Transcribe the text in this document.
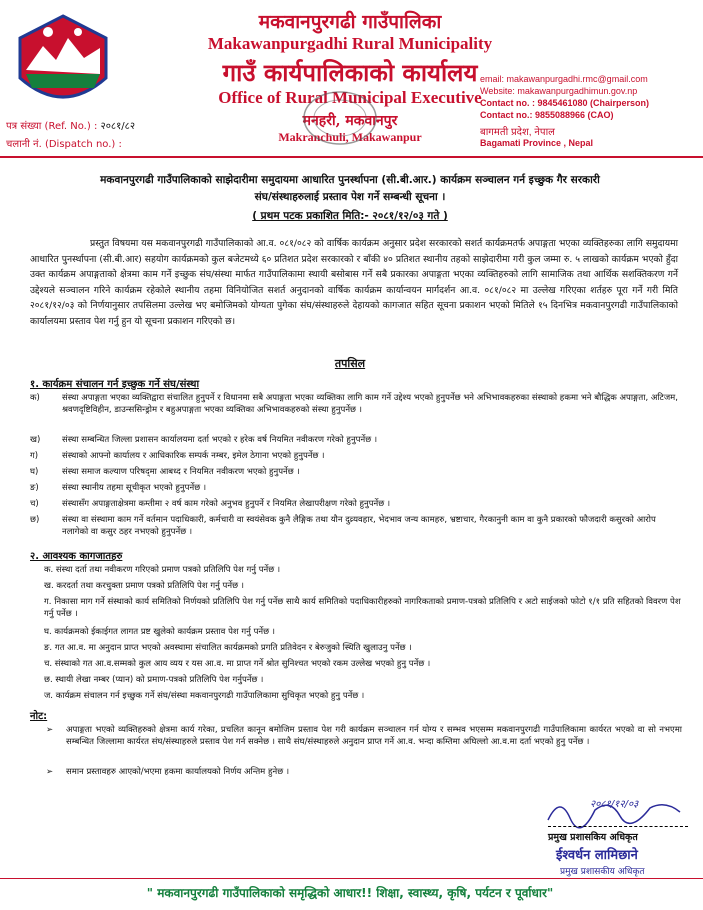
मकवानपुरगढी गाउँपालिका
Makawanpurgadhi Rural Municipality
गाउँ कार्यपालिकाको कार्यालय
Office of Rural Municipal Executive
मनहरी, मकवानपुर
Makranchuli, Makawanpur
email: makawanpurgadhi.rmc@gmail.com
Website: makawanpurgadhimun.gov.np
Contact no. : 9845461080 (Chairperson)
Contact no.: 9855088966 (CAO)
बागमती प्रदेश, नेपाल
Bagamati Province , Nepal
पत्र संख्या (Ref. No.) : २०८१/८२
चलानी नं. (Dispatch no.) :
मकवानपुरगढी गाउँपालिकाको साझेदारीमा समुदायमा आधारित पुनर्स्थापना (सी.बी.आर.) कार्यक्रम सञ्चालन गर्न इच्छुक गैर सरकारी
संघ/संस्थाहरुलाई प्रस्ताव पेश गर्ने सम्बन्धी सूचना ।
( प्रथम पटक प्रकाशित मिति:- २०८१/१२/०३ गते )
प्रस्तुत विषयमा यस मकवानपुरगढी गाउँपालिकाको आ.व. ०८१/०८२ को वार्षिक कार्यक्रम अनुसार प्रदेश सरकारको सशर्त कार्यक्रमतर्फ अपाङ्गता भएका व्यक्तिहरुका लागि समुदायमा आधारित पुनर्स्थापना (सी.बी.आर) सहयोग कार्यक्रमको कुल बजेटमध्ये ६० प्रतिशत प्रदेश सरकारको र बाँकी ४० प्रतिशत स्थानीय तहको साझेदारीमा गरी कुल जम्मा रु. ५ लाखको कार्यक्रम भएको हुँदा उक्त कार्यक्रम अपाङ्गताको क्षेत्रमा काम गर्ने इच्छुक संघ/संस्था मार्फत गाउँपालिकामा स्थायी बसोबास गर्ने सबै प्रकारका अपाङ्गता भएका व्यक्तिहरुको लागि सामाजिक तथा आर्थिक सशक्तिकरण गर्ने उद्देश्यले सञ्चालन गरिने कार्यक्रम रहेकोले स्थानीय तहमा विनियोजित सशर्त अनुदानको वार्षिक कार्यक्रम कार्यान्वयन मार्गदर्शन आ.व. ०८१/०८२ मा उल्लेख गरिएका शर्तहरु पूरा गर्ने गरी मिति २०८१/१२/०३ को निर्णयानुसार तपसिलमा उल्लेख भए बमोजिमको योग्यता पुगेका संघ/संस्थाहरुले देहायको कागजात सहित सूचना प्रकाशन भएको मितिले १५ दिनभित्र मकवानपुरगढी गाउँपालिकाको कार्यालयमा प्रस्ताव पेश गर्नु हुन यो सूचना प्रकाशन गरिएको छ।
तपसिल
१. कार्यक्रम संचालन गर्न इच्छुक गर्ने संघ/संस्था
क)	संस्था अपाङ्गता भएका व्यक्तिद्वारा संचालित हुनुपर्ने र विधानमा सबै अपाङ्गता भएका व्यक्तिका लागि काम गर्ने उद्देश्य भएको हुनुपर्नेछ भने अभिभावकहरुका संस्थाको हकमा भने बौद्धिक अपाङ्गता, अटिजम, श्रवणदृष्टिविहीन, डाउन्ससिन्ड्रोम र बहुअपाङ्गता भएका व्यक्तिका अभिभावकहरुको संस्था हुनुपर्नेछ ।
ख)	संस्था सम्बन्धित जिल्ला प्रशासन कार्यालयमा दर्ता भएको र हरेक वर्ष नियमित नवीकरण गरेको हुनुपर्नेछ ।
ग)	संस्थाको आफ्नो कार्यालय र आधिकारिक सम्पर्क नम्बर, इमेल ठेगाना भएको हुनुपर्नेछ ।
घ)	संस्था समाज कल्याण परिषद्‌मा आबध्द र नियमित नवीकरण भएको हुनुपर्नेछ ।
ङ)	संस्था स्थानीय तहमा सूचीकृत भएको हुनुपर्नेछ ।
च)	संस्थासँग अपाङ्गताक्षेत्रमा कम्तीमा २ वर्ष काम गरेको अनुभव हुनुपर्ने र नियमित लेखापरीक्षण गरेको हुनुपर्नेछ ।
छ)	संस्था वा संस्थामा काम गर्ने वर्तमान पदाधिकारी, कर्मचारी वा स्वयंसेवक कुनै लैङ्गिक तथा यौन दुव्र्यवहार, भेदभाव जन्य कामहरु, भ्रष्टाचार, गैरकानुनी काम वा कुनै प्रकारको फौजदारी कसुरको आरोप नलागेको वा कसुर ठहर नभएको हुनुपर्नेछ ।
२. आवश्यक कागजातहरु
क. संस्था दर्ता तथा नवीकरण गरिएको प्रमाण पत्रको प्रतिलिपि पेश गर्नु पर्नेछ ।
ख. करदर्ता तथा करचुक्ता प्रमाण पत्रको प्रतिलिपि पेश गर्नु पर्नेछ ।
ग. निकासा माग गर्ने संस्थाको कार्य समितिको निर्णयको प्रतिलिपि पेश गर्नु पर्नेछ साथै कार्य समितिको पदाधिकारीहरुको नागरिकताको प्रमाण-पत्रको प्रतिलिपि र अटो साईजको फोटो १/१ प्रति सहितको विवरण पेश गर्नु पर्नेछ ।
घ. कार्यक्रमको ईकाईगत लागत प्रष्ट खुलेको कार्यक्रम प्रस्ताव पेश गर्नु पर्नेछ ।
ङ. गत आ.व. मा अनुदान प्राप्त भएको अवस्थामा संचालित कार्यक्रमको प्रगति प्रतिवेदन र बेरुजुको स्थिति खुलाउनु पर्नेछ ।
च. संस्थाको गत आ.व.सम्मको कुल आय व्यय र यस आ.व. मा प्राप्त गर्ने श्रोत सुनिश्चत भएको रकम उल्लेख भएको हुनु पर्नेछ ।
छ. स्थायी लेखा नम्बर (प्यान) को प्रमाण-पत्रको प्रतिलिपि पेश गर्नुपर्नेछ ।
ज. कार्यक्रम संचालन गर्न इच्छुक गर्ने संघ/संस्था मकवानपुरगढी गाउँपालिकामा सुचिकृत भएको हुनु पर्नेछ ।
नोट:
➢	अपाङ्गता भएको व्यक्तिहरुको क्षेत्रमा कार्य गरेका, प्रचलित कानून बमोजिम प्रस्ताव पेश गरी कार्यक्रम सञ्चालन गर्न योग्य र सम्भव भएसम्म मकवानपुरगढी गाउँपालिकामा कार्यरत भएको वा सो नभएमा सम्बन्धित जिल्लामा कार्यरत संघ/संस्थाहरुले प्रस्ताव पेश गर्न सक्नेछ । साथै संघ/संस्थाहरुले अनुदान प्राप्त गर्ने आ.व. भन्दा कम्तिमा अघिल्लो आ.व.मा दर्ता भएको हुनु पर्नेछ ।
➢	समान प्रस्तावहरु आएको/भएमा हकमा कार्यालयको निर्णय अन्तिम हुनेछ ।
२०८१/१२/०३
प्रमुख प्रशासकिय अधिकृत
ईश्वर्धन लामिछाने
प्रमुख प्रशासकीय अधिकृत
" मकवानपुरगढी गाउँपालिकाको समृद्धिको आधार!! शिक्षा, स्वास्थ्य, कृषि, पर्यटन र पूर्वाधार"
